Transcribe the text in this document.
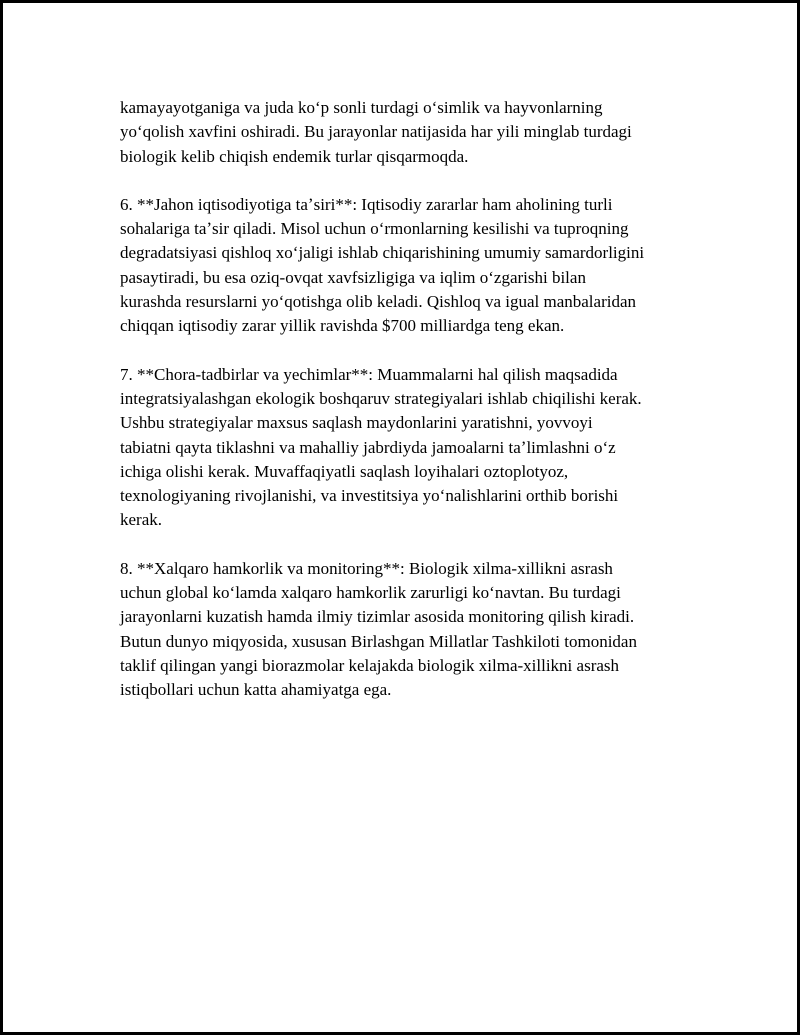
kamayayotganiga va juda koʻp sonli turdagi oʻsimlik va hayvonlarning
yoʻqolish xavfini oshiradi. Bu jarayonlar natijasida har yili minglab turdagi
biologik kelib chiqish endemik turlar qisqarmoqda.

6. **Jahon iqtisodiyotiga taʼsiri**: Iqtisodiy zararlar ham aholining turli
sohalariga taʼsir qiladi. Misol uchun oʻrmonlarning kesilishi va tuproqning
degradatsiyasi qishloq xoʻjaligi ishlab chiqarishining umumiy samardorligini
pasaytiradi, bu esa oziq-ovqat xavfsizligiga va iqlim oʻzgarishi bilan
kurashda resurslarni yoʻqotishga olib keladi. Qishloq va igual manbalaridan
chiqqan iqtisodiy zarar yillik ravishda $700 milliardga teng ekan.

7. **Chora-tadbirlar va yechimlar**: Muammalarni hal qilish maqsadida
integratsiyalashgan ekologik boshqaruv strategiyalari ishlab chiqilishi kerak.
Ushbu strategiyalar maxsus saqlash maydonlarini yaratishni, yovvoyi
tabiatni qayta tiklashni va mahalliy jabrdiyda jamoalarni taʼlimlashni oʻz
ichiga olishi kerak. Muvaffaqiyatli saqlash loyihalari oztoplotyoz,
texnologiyaning rivojlanishi, va investitsiya yoʻnalishlarini orthib borishi
kerak.

8. **Xalqaro hamkorlik va monitoring**: Biologik xilma-xillikni asrash
uchun global koʻlamda xalqaro hamkorlik zarurligi koʻnavtan. Bu turdagi
jarayonlarni kuzatish hamda ilmiy tizimlar asosida monitoring qilish kiradi.
Butun dunyo miqyosida, xususan Birlashgan Millatlar Tashkiloti tomonidan
taklif qilingan yangi biorazmolar kelajakda biologik xilma-xillikni asrash
istiqbollari uchun katta ahamiyatga ega.
